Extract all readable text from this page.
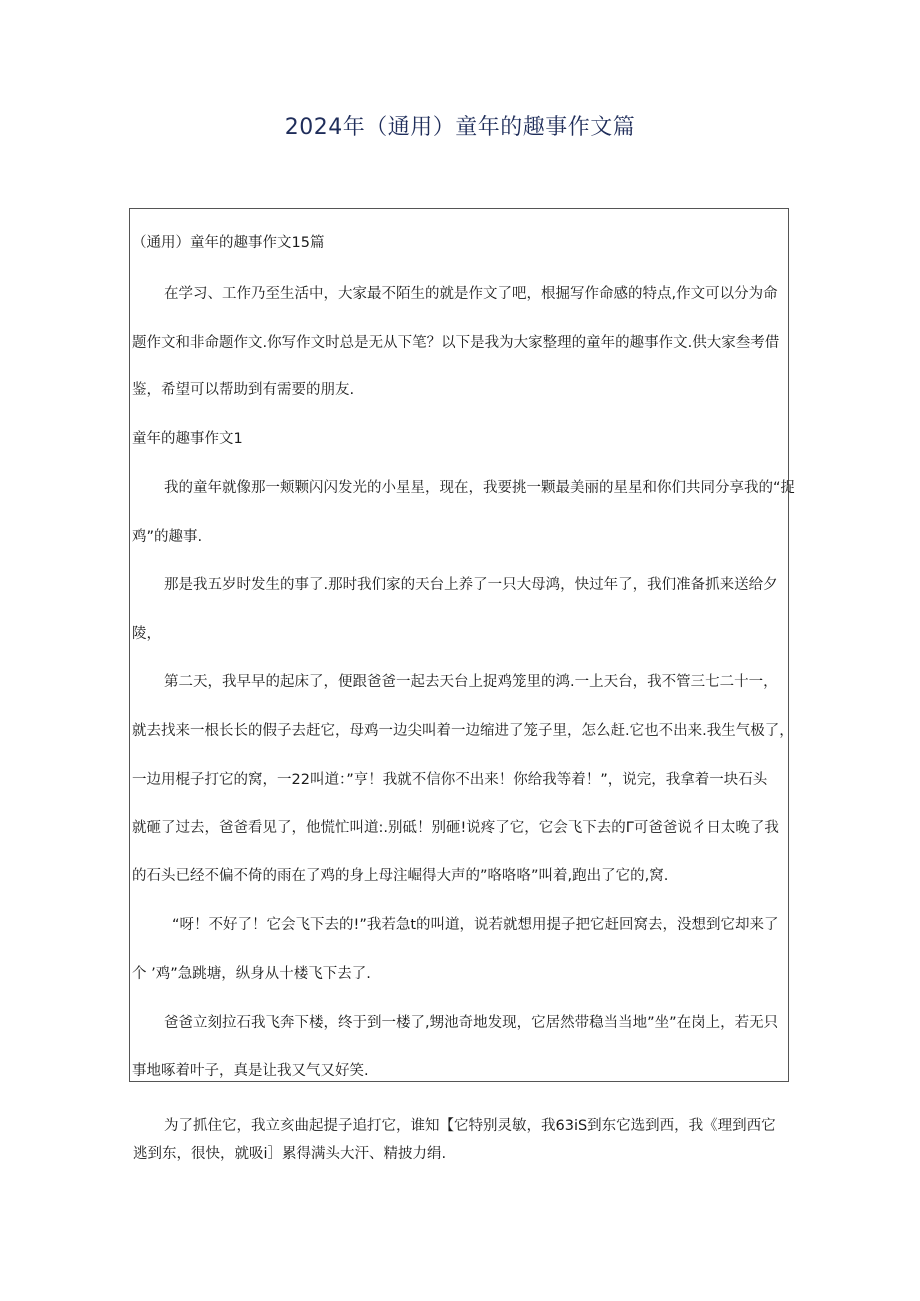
2024年（通用）童年的趣事作文篇
（通用）童年的趣事作文15篇
在学习、工作乃至生活中，大家最不陌生的就是作文了吧，根掘写作命感的特点,作文可以分为命
题作文和非命题作文.你写作文时总是无从下笔？以下是我为大家整理的童年的趣事作文.供大家叁考借
鉴，希望可以帮助到有需要的朋友.
童年的趣事作文1
我的童年就像那一颊颗闪闪发光的小星星，现在，我要挑一颗最美丽的星星和你们共同分享我的“捉
鸡”的趣事.
那是我五岁时发生的事了.那时我们家的天台上养了一只大母鸿，快过年了，我们准备抓来送给夕
陵，
第二天，我早早的起床了，便跟爸爸一起去天台上捉鸡笼里的鸿.一上天台，我不管三七二十一，
就去找来一根长长的假子去赶它，母鸡一边尖叫着一边缩进了笼子里，怎么赶.它也不出来.我生气极了，
一边用棍子打它的窝，一22叫道：”亨！我就不信你不出来！你给我等着！”，说完，我拿着一块石头
就砸了过去，爸爸看见了，他慌忙叫道:.别砥！别砸!说疼了它，它会飞下去的Γ可爸爸说彳日太晚了我
的石头已经不偏不倚的雨在了鸡的身上母注崛得大声的”咯咯咯”叫着,跑出了它的,窝.
“呀！不好了！它会飞下去的!”我若急t的叫道，说若就想用提子把它赶回窝去，没想到它却来了
个 ’鸡”急跳塘，纵身从十楼飞下去了.
爸爸立刻拉石我飞奔下楼，终于到一楼了,甥池奇地发现，它居然带稳当当地”坐”在岗上，若无只
事地啄着叶子，真是让我又气又好笑.
为了抓住它，我立亥曲起提子追打它，谁知【它特别灵敏，我63iS到东它选到西，我《理到西它
逃到东，很快，就吸i］累得满头大汗、精披力绢.
